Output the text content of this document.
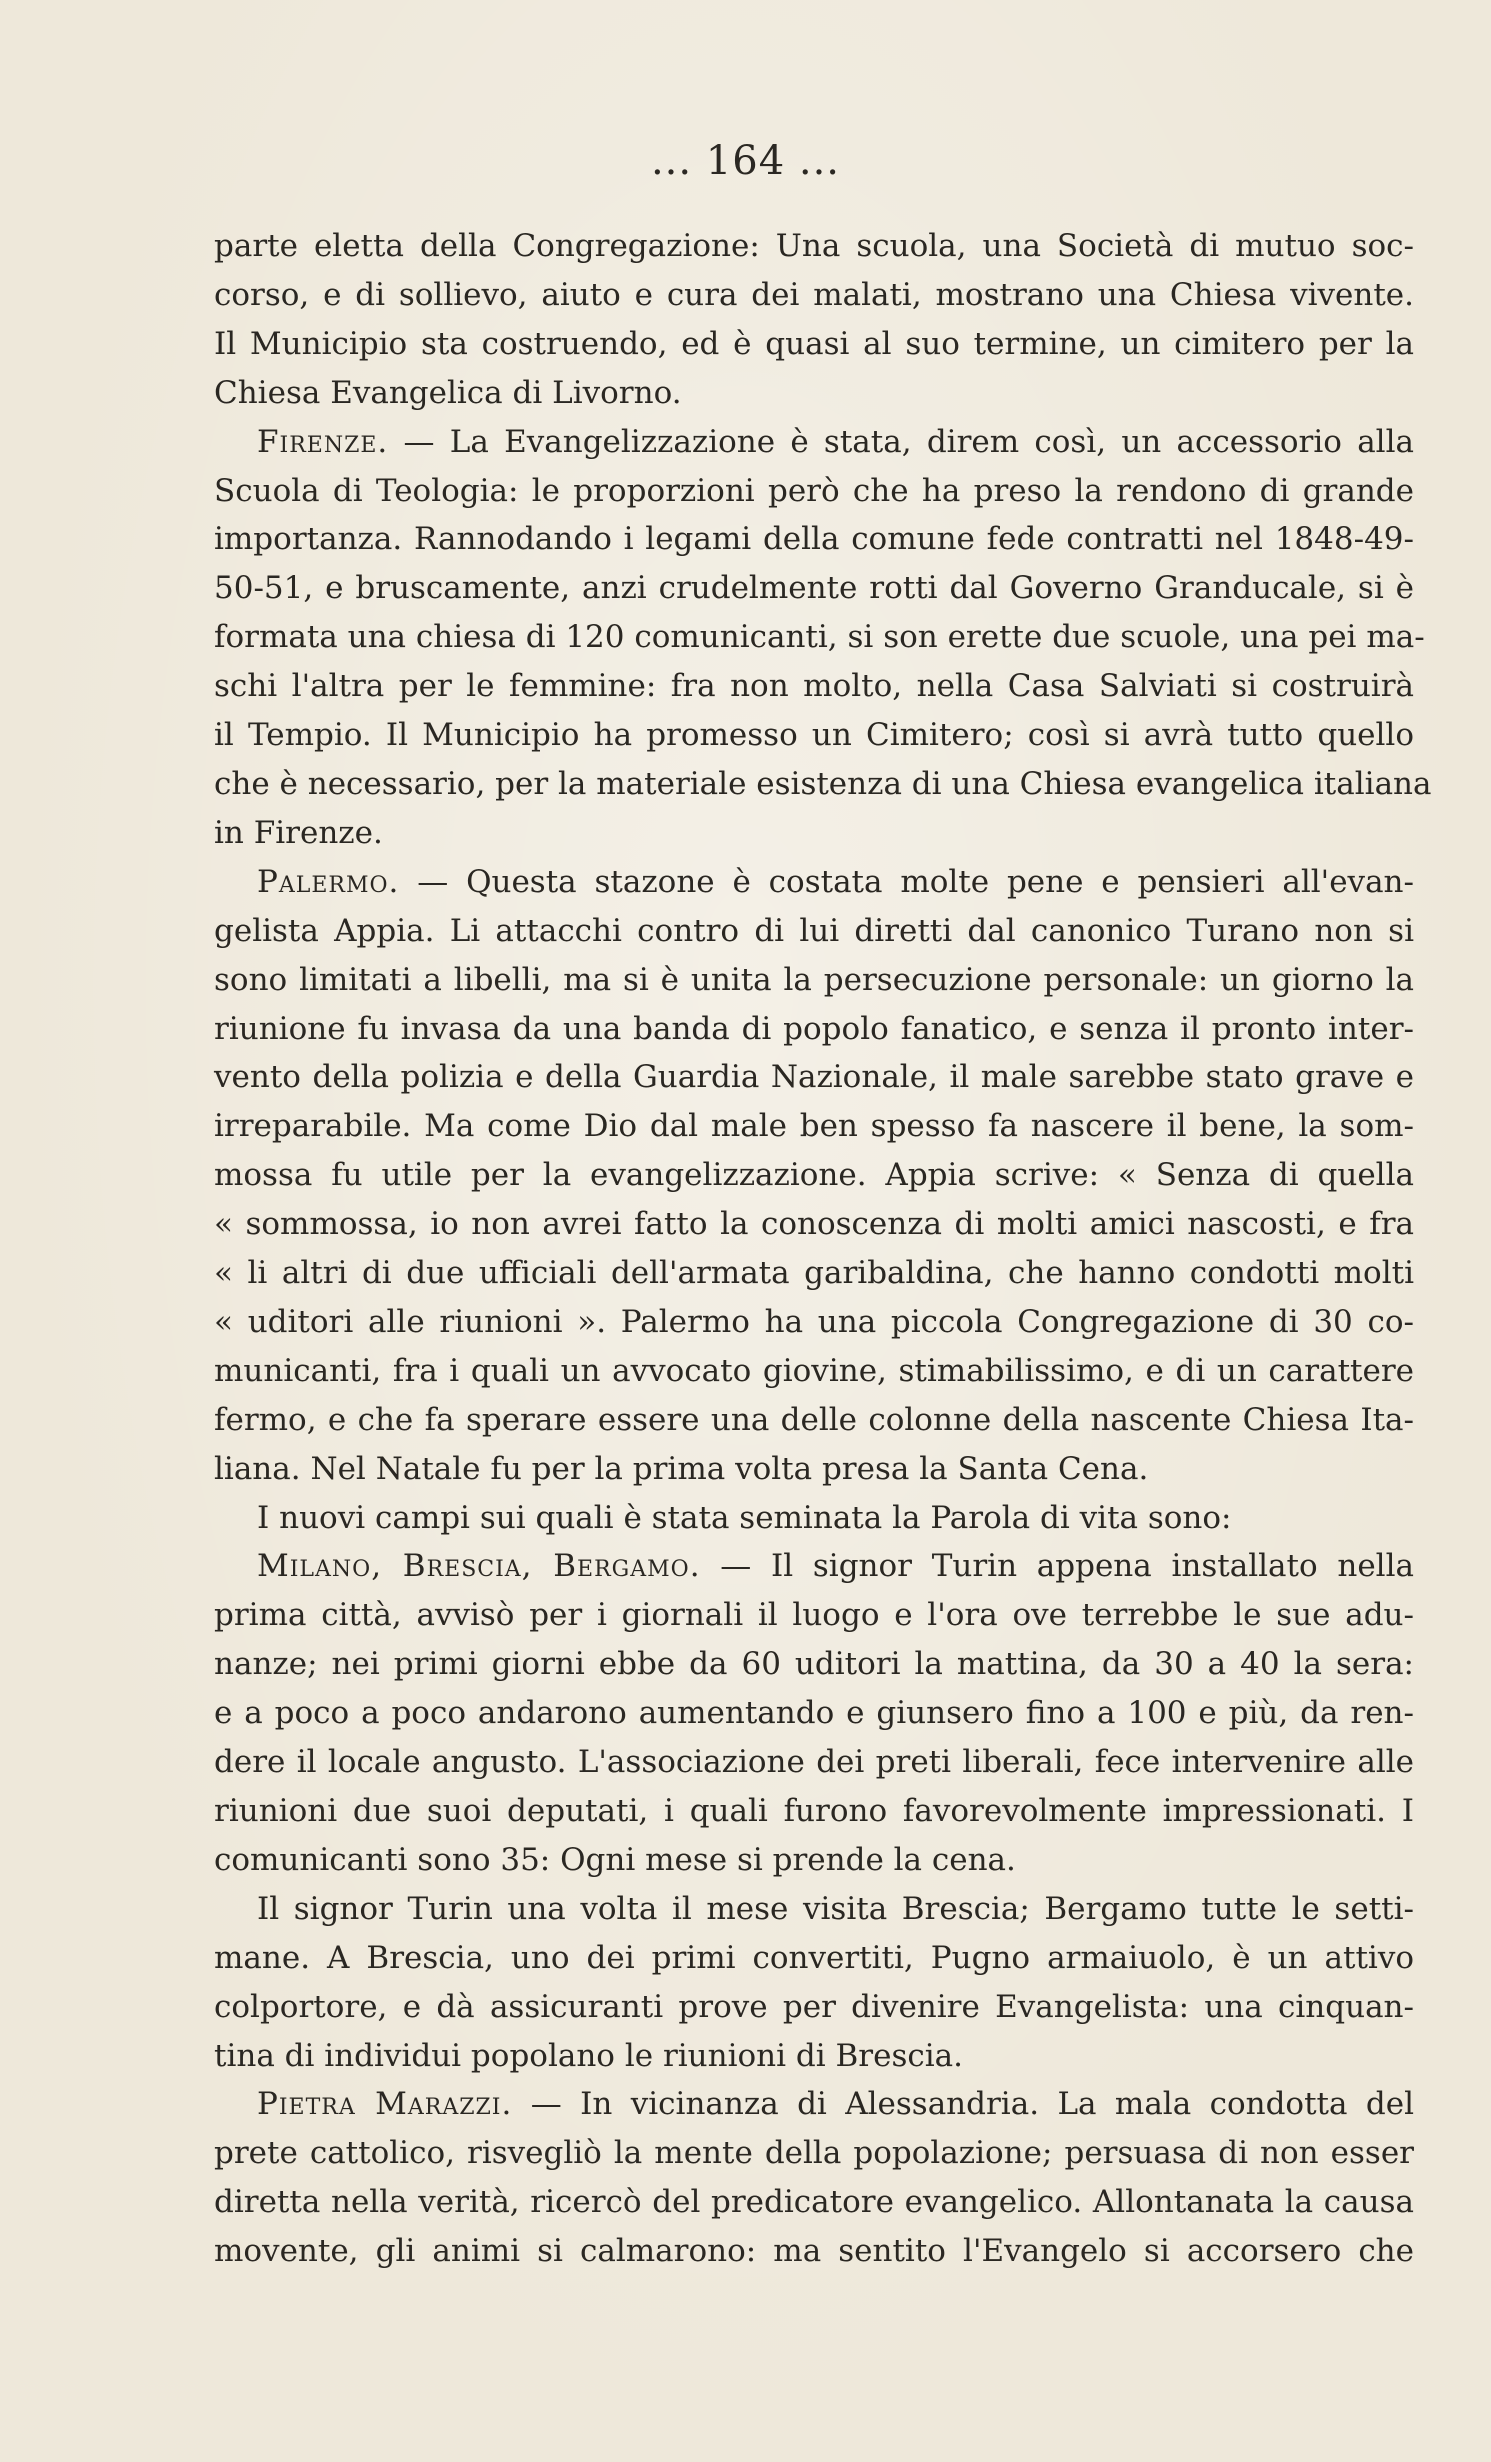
... 164 ...
parte eletta della Congregazione: Una scuola, una Società di mutuo soc-
corso, e di sollievo, aiuto e cura dei malati, mostrano una Chiesa vivente.
Il Municipio sta costruendo, ed è quasi al suo termine, un cimitero per la
Chiesa Evangelica di Livorno.
Firenze. — La Evangelizzazione è stata, direm così, un accessorio alla
Scuola di Teologia: le proporzioni però che ha preso la rendono di grande
importanza. Rannodando i legami della comune fede contratti nel 1848-49-
50-51, e bruscamente, anzi crudelmente rotti dal Governo Granducale, si è
formata una chiesa di 120 comunicanti, si son erette due scuole, una pei ma-
schi l'altra per le femmine: fra non molto, nella Casa Salviati si costruirà
il Tempio. Il Municipio ha promesso un Cimitero; così si avrà tutto quello
che è necessario, per la materiale esistenza di una Chiesa evangelica italiana
in Firenze.
Palermo. — Questa stazone è costata molte pene e pensieri all'evan-
gelista Appia. Li attacchi contro di lui diretti dal canonico Turano non si
sono limitati a libelli, ma si è unita la persecuzione personale: un giorno la
riunione fu invasa da una banda di popolo fanatico, e senza il pronto inter-
vento della polizia e della Guardia Nazionale, il male sarebbe stato grave e
irreparabile. Ma come Dio dal male ben spesso fa nascere il bene, la som-
mossa fu utile per la evangelizzazione. Appia scrive: « Senza di quella
« sommossa, io non avrei fatto la conoscenza di molti amici nascosti, e fra
« li altri di due ufficiali dell'armata garibaldina, che hanno condotti molti
« uditori alle riunioni ». Palermo ha una piccola Congregazione di 30 co-
municanti, fra i quali un avvocato giovine, stimabilissimo, e di un carattere
fermo, e che fa sperare essere una delle colonne della nascente Chiesa Ita-
liana. Nel Natale fu per la prima volta presa la Santa Cena.
I nuovi campi sui quali è stata seminata la Parola di vita sono:
Milano, Brescia, Bergamo. — Il signor Turin appena installato nella
prima città, avvisò per i giornali il luogo e l'ora ove terrebbe le sue adu-
nanze; nei primi giorni ebbe da 60 uditori la mattina, da 30 a 40 la sera:
e a poco a poco andarono aumentando e giunsero fino a 100 e più, da ren-
dere il locale angusto. L'associazione dei preti liberali, fece intervenire alle
riunioni due suoi deputati, i quali furono favorevolmente impressionati. I
comunicanti sono 35: Ogni mese si prende la cena.
Il signor Turin una volta il mese visita Brescia; Bergamo tutte le setti-
mane. A Brescia, uno dei primi convertiti, Pugno armaiuolo, è un attivo
colportore, e dà assicuranti prove per divenire Evangelista: una cinquan-
tina di individui popolano le riunioni di Brescia.
Pietra Marazzi. — In vicinanza di Alessandria. La mala condotta del
prete cattolico, risvegliò la mente della popolazione; persuasa di non esser
diretta nella verità, ricercò del predicatore evangelico. Allontanata la causa
movente, gli animi si calmarono: ma sentito l'Evangelo si accorsero che
